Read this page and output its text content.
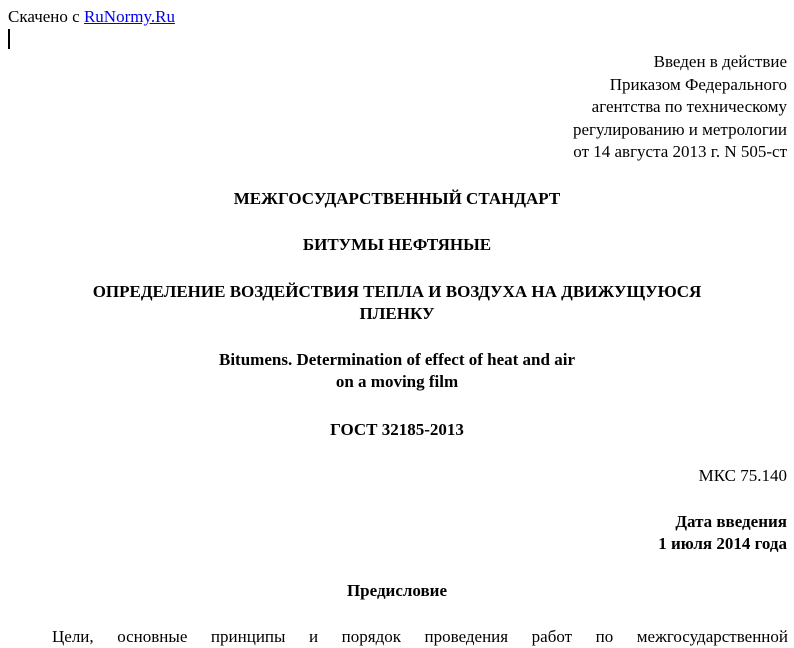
Скачено с RuNormy.Ru
Введен в действие
Приказом Федерального
агентства по техническому
регулированию и метрологии
от 14 августа 2013 г. N 505-ст
МЕЖГОСУДАРСТВЕННЫЙ СТАНДАРТ
БИТУМЫ НЕФТЯНЫЕ
ОПРЕДЕЛЕНИЕ ВОЗДЕЙСТВИЯ ТЕПЛА И ВОЗДУХА НА ДВИЖУЩУЮСЯ
ПЛЕНКУ
Bitumens. Determination of effect of heat and air
on a moving film
ГОСТ 32185-2013
МКС 75.140
Дата введения
1 июля 2014 года
Предисловие
Цели, основные принципы и порядок проведения работ по межгосударственной
